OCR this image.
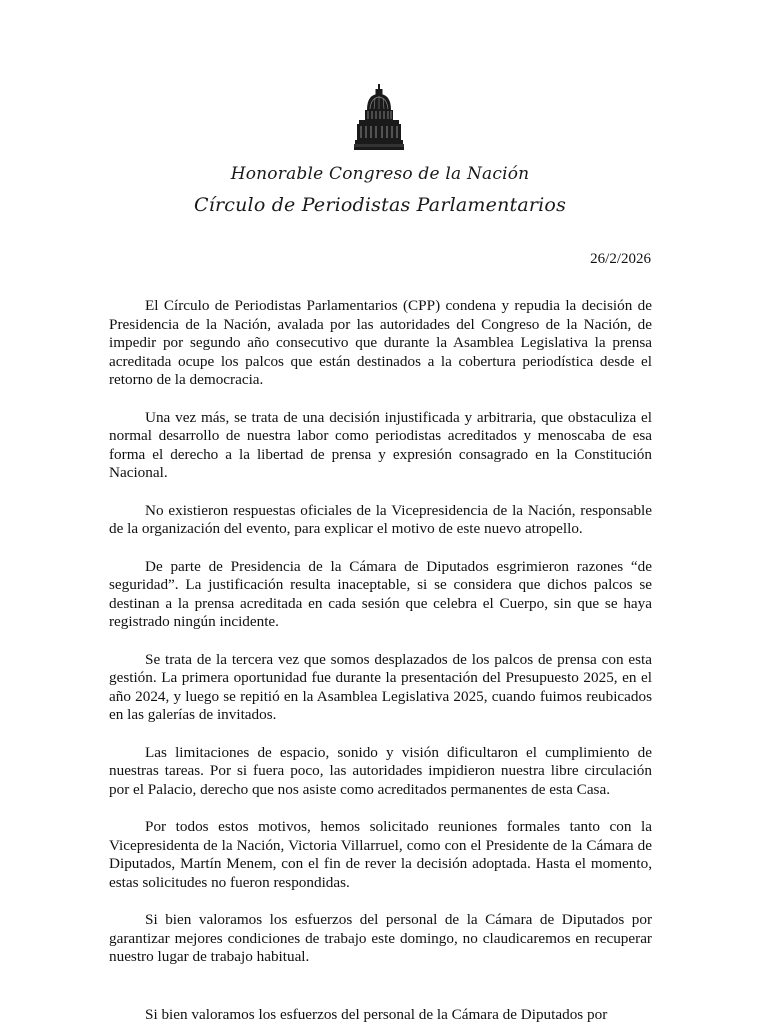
Honorable Congreso de la Nación
Círculo de Periodistas Parlamentarios
26/2/2026

El Círculo de Periodistas Parlamentarios (CPP) condena y repudia la decisión de Presidencia de la Nación, avalada por las autoridades del Congreso de la Nación, de impedir por segundo año consecutivo que durante la Asamblea Legislativa la prensa acreditada ocupe los palcos que están destinados a la cobertura periodística desde el retorno de la democracia.

Una vez más, se trata de una decisión injustificada y arbitraria, que obstaculiza el normal desarrollo de nuestra labor como periodistas acreditados y menoscaba de esa forma el derecho a la libertad de prensa y expresión consagrado en la Constitución Nacional.

No existieron respuestas oficiales de la Vicepresidencia de la Nación, responsable de la organización del evento, para explicar el motivo de este nuevo atropello.

De parte de Presidencia de la Cámara de Diputados esgrimieron razones “de seguridad”. La justificación resulta inaceptable, si se considera que dichos palcos se destinan a la prensa acreditada en cada sesión que celebra el Cuerpo, sin que se haya registrado ningún incidente.

Se trata de la tercera vez que somos desplazados de los palcos de prensa con esta gestión. La primera oportunidad fue durante la presentación del Presupuesto 2025, en el año 2024, y luego se repitió en la Asamblea Legislativa 2025, cuando fuimos reubicados en las galerías de invitados.

Las limitaciones de espacio, sonido y visión dificultaron el cumplimiento de nuestras tareas. Por si fuera poco, las autoridades impidieron nuestra libre circulación por el Palacio, derecho que nos asiste como acreditados permanentes de esta Casa.

Por todos estos motivos, hemos solicitado reuniones formales tanto con la Vicepresidenta de la Nación, Victoria Villarruel, como con el Presidente de la Cámara de Diputados, Martín Menem, con el fin de rever la decisión adoptada. Hasta el momento, estas solicitudes no fueron respondidas.

Si bien valoramos los esfuerzos del personal de la Cámara de Diputados por garantizar mejores condiciones de trabajo este domingo, no claudicaremos en recuperar nuestro lugar de trabajo habitual.

Si bien valoramos los esfuerzos del personal de la Cámara de Diputados por
